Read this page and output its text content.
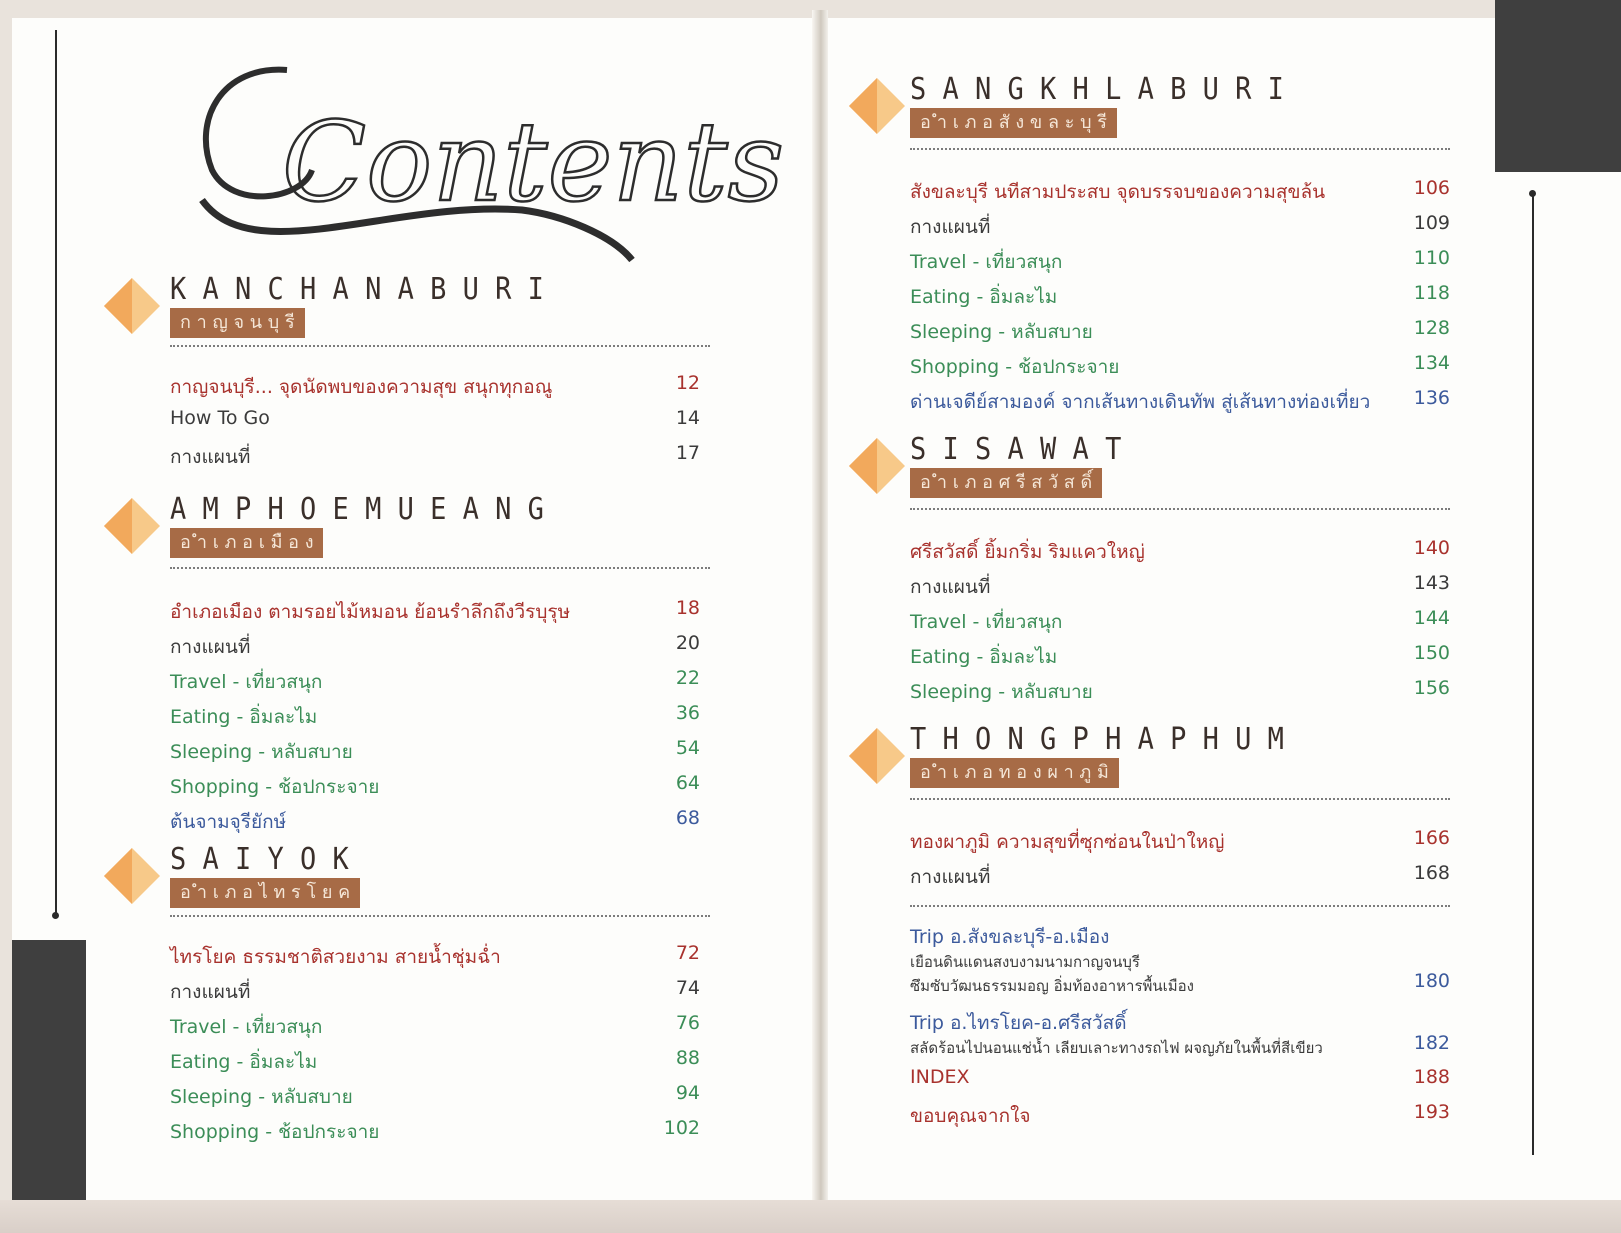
Contents
K A N C H A N A B U R I
ก า ญ จ น บุ รี
กาญจนบุรี... จุดนัดพบของความสุข สนุกทุกอณู	12
How To Go	14
กางแผนที่	17
A M P H O E M U E A N G
อ ำ เ ภ อ เ มื อ ง
อำเภอเมือง ตามรอยไม้หมอน ย้อนรำลึกถึงวีรบุรุษ	18
กางแผนที่	20
Travel - เที่ยวสนุก	22
Eating - อิ่มละไม	36
Sleeping - หลับสบาย	54
Shopping - ช้อปกระจาย	64
ต้นจามจุรียักษ์	68
S A I Y O K
อ ำ เ ภ อ ไ ท ร โ ย ค
ไทรโยค ธรรมชาติสวยงาม สายน้ำชุ่มฉ่ำ	72
กางแผนที่	74
Travel - เที่ยวสนุก	76
Eating - อิ่มละไม	88
Sleeping - หลับสบาย	94
Shopping - ช้อปกระจาย	102
S A N G K H L A B U R I
อ ำ เ ภ อ สั ง ข ล ะ บุ รี
สังขละบุรี นทีสามประสบ จุดบรรจบของความสุขล้น	106
กางแผนที่	109
Travel - เที่ยวสนุก	110
Eating - อิ่มละไม	118
Sleeping - หลับสบาย	128
Shopping - ช้อปกระจาย	134
ด่านเจดีย์สามองค์ จากเส้นทางเดินทัพ สู่เส้นทางท่องเที่ยว	136
S I S A W A T
อ ำ เ ภ อ ศ รี ส วั ส ดิ์
ศรีสวัสดิ์ ยิ้มกริ่ม ริมแควใหญ่	140
กางแผนที่	143
Travel - เที่ยวสนุก	144
Eating - อิ่มละไม	150
Sleeping - หลับสบาย	156
T H O N G P H A P H U M
อ ำ เ ภ อ ท อ ง ผ า ภู มิ
ทองผาภูมิ ความสุขที่ซุกซ่อนในป่าใหญ่	166
กางแผนที่	168
Trip อ.สังขละบุรี-อ.เมือง
เยือนดินแดนสงบงามนามกาญจนบุรี
ซึมซับวัฒนธรรมมอญ อิ่มท้องอาหารพื้นเมือง	180
Trip อ.ไทรโยค-อ.ศรีสวัสดิ์
สลัดร้อนไปนอนแช่น้ำ เลียบเลาะทางรถไฟ ผจญภัยในพื้นที่สีเขียว	182
INDEX	188
ขอบคุณจากใจ	193
